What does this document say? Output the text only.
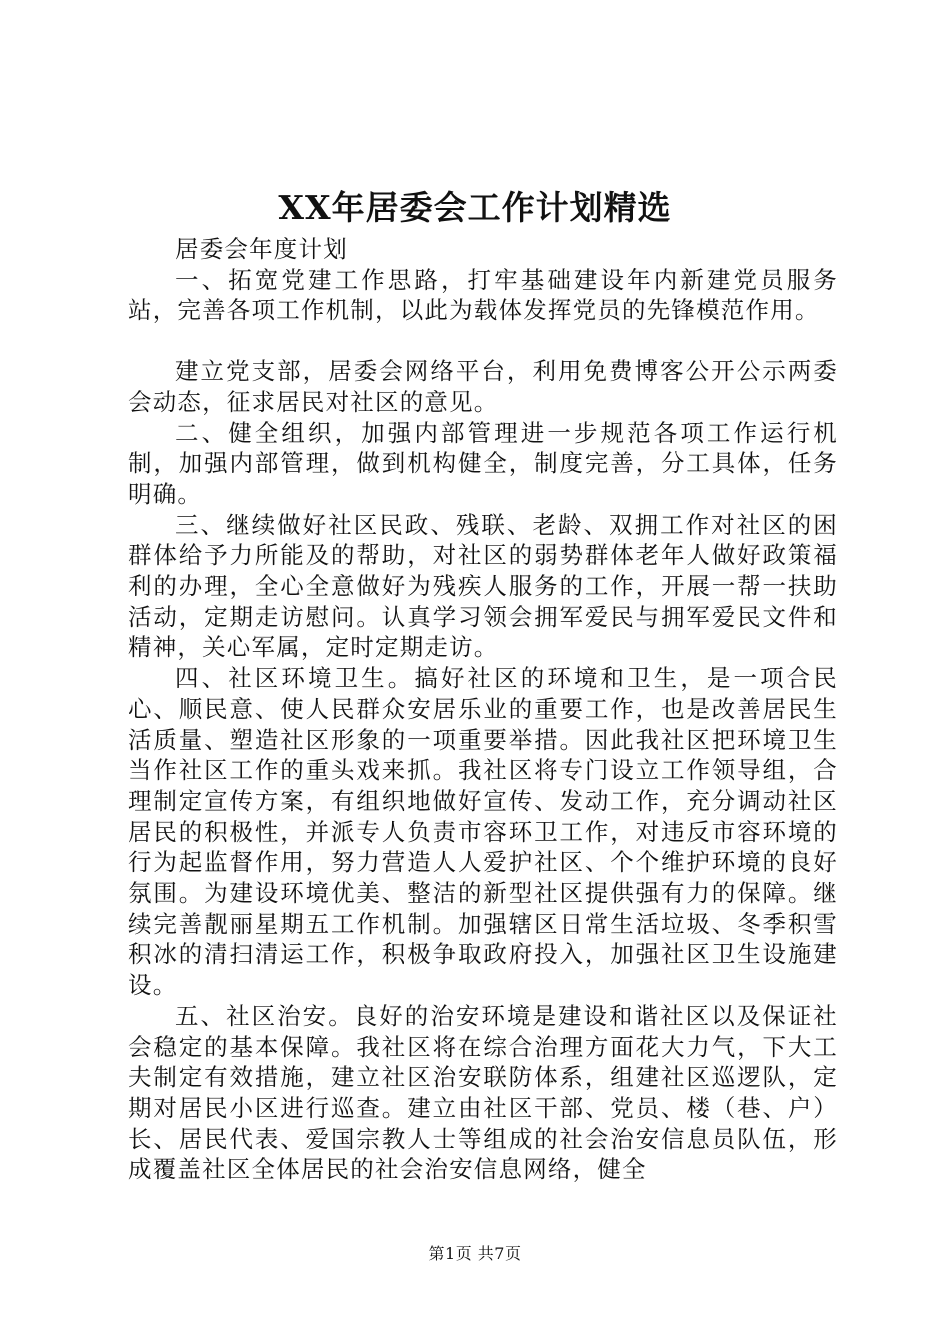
XX年居委会工作计划精选

居委会年度计划

一、拓宽党建工作思路，打牢基础建设年内新建党员服务站，完善各项工作机制，以此为载体发挥党员的先锋模范作用。

建立党支部，居委会网络平台，利用免费博客公开公示两委会动态，征求居民对社区的意见。

二、健全组织，加强内部管理进一步规范各项工作运行机制，加强内部管理，做到机构健全，制度完善，分工具体，任务明确。

三、继续做好社区民政、残联、老龄、双拥工作对社区的困群体给予力所能及的帮助，对社区的弱势群体老年人做好政策福利的办理，全心全意做好为残疾人服务的工作，开展一帮一扶助活动，定期走访慰问。认真学习领会拥军爱民与拥军爱民文件和精神，关心军属，定时定期走访。

四、社区环境卫生。搞好社区的环境和卫生，是一项合民心、顺民意、使人民群众安居乐业的重要工作，也是改善居民生活质量、塑造社区形象的一项重要举措。因此我社区把环境卫生当作社区工作的重头戏来抓。我社区将专门设立工作领导组，合理制定宣传方案，有组织地做好宣传、发动工作，充分调动社区居民的积极性，并派专人负责市容环卫工作，对违反市容环境的行为起监督作用，努力营造人人爱护社区、个个维护环境的良好氛围。为建设环境优美、整洁的新型社区提供强有力的保障。继续完善靓丽星期五工作机制。加强辖区日常生活垃圾、冬季积雪积冰的清扫清运工作，积极争取政府投入，加强社区卫生设施建设。

五、社区治安。良好的治安环境是建设和谐社区以及保证社会稳定的基本保障。我社区将在综合治理方面花大力气，下大工夫制定有效措施，建立社区治安联防体系，组建社区巡逻队，定期对居民小区进行巡查。建立由社区干部、党员、楼（巷、户）长、居民代表、爱国宗教人士等组成的社会治安信息员队伍，形成覆盖社区全体居民的社会治安信息网络，健全

第1页 共7页
